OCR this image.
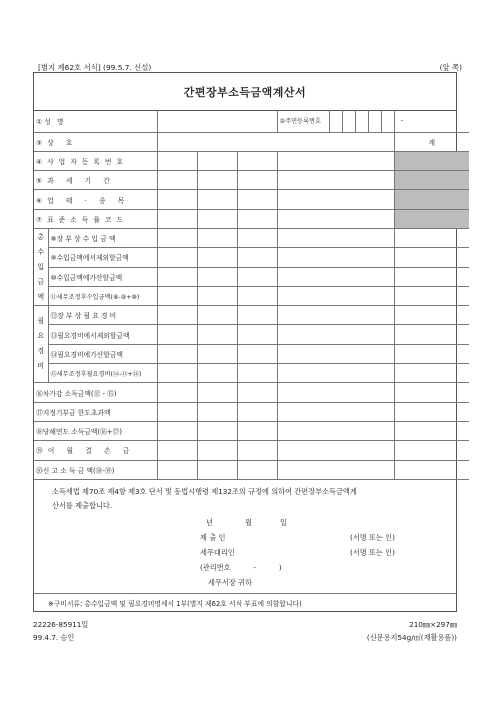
[별지 제62호 서식] (99.5.7. 신설)	(앞 쪽)
간편장부소득금액계산서
①성 명					②주민등록번호						-
③상 호											계
④사업자등록번호											
⑤과 세 기 간											
⑥업 태 · 종 목											
⑦표준소득률코드											

총
수
입
금
액	⑧장 부 상 수 입 금 액										
	⑨수입금액에서제외할금액										
	⑩수입금액에가산할금액										
	⑪세무조정후수입금액(⑧-⑨+⑩)										

필
요
경
비	⑫장 부 상 필 요 경 비										
	⑬필요경비에서제외할금액										
	⑭필요경비에가산할금액										
	⑮세무조정후필요경비(⑫-⑬+⑭)										
⑯차가감 소득금액(⑪ - ⑮)											
⑰지정기부금 한도초과액											
⑱당해연도 소득금액(⑯+⑰)											
⑲이 월 결 손 금											
⑳신 고 소 득 금 액(⑱-⑲)											
소득세법 제70조 제4항 제3호 단서 및 동법시행령 제132조의 규정에 의하여 간편장부소득금액계
산서를 제출합니다.
년	월	일
제 출 인	(서명 또는 인)
세무대리인	(서명 또는 인)
(관리번호          -          )
세무서장 귀하
※구비서류: 총수입금액 및 필요경비명세서 1부(별지 제62호 서식 부표에 의함합니다)
22226-85911일	210㎜×297㎜
99.4.7. 승인	(신문용지54g/㎡(재활용품))
